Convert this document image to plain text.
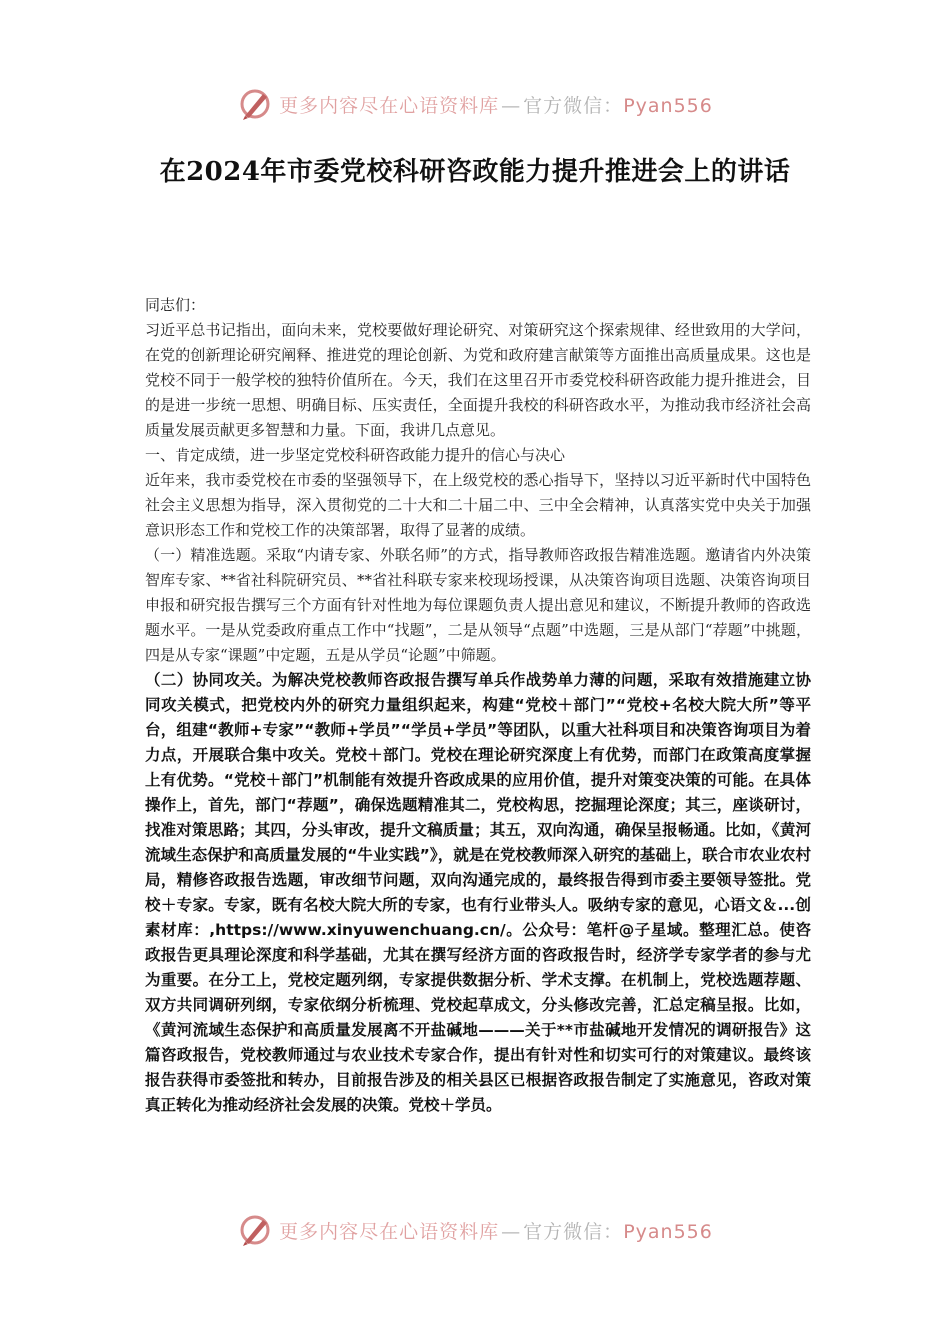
更多内容尽在心语资料库 — 官方微信：Pyan556
在2024年市委党校科研咨政能力提升推进会上的讲话

同志们：

习近平总书记指出，面向未来，党校要做好理论研究、对策研究这个探索规律、经世致用的大学问，在党的创新理论研究阐释、推进党的理论创新、为党和政府建言献策等方面推出高质量成果。这也是党校不同于一般学校的独特价值所在。今天，我们在这里召开市委党校科研咨政能力提升推进会，目的是进一步统一思想、明确目标、压实责任，全面提升我校的科研咨政水平，为推动我市经济社会高质量发展贡献更多智慧和力量。下面，我讲几点意见。

一、肯定成绩，进一步坚定党校科研咨政能力提升的信心与决心

近年来，我市委党校在市委的坚强领导下，在上级党校的悉心指导下，坚持以习近平新时代中国特色社会主义思想为指导，深入贯彻党的二十大和二十届二中、三中全会精神，认真落实党中央关于加强意识形态工作和党校工作的决策部署，取得了显著的成绩。

（一）精准选题。采取“内请专家、外联名师”的方式，指导教师咨政报告精准选题。邀请省内外决策智库专家、**省社科院研究员、**省社科联专家来校现场授课，从决策咨询项目选题、决策咨询项目申报和研究报告撰写三个方面有针对性地为每位课题负责人提出意见和建议，不断提升教师的咨政选题水平。一是从党委政府重点工作中“找题”，二是从领导“点题”中选题，三是从部门“荐题”中挑题，四是从专家“课题”中定题，五是从学员“论题”中筛题。

（二）协同攻关。为解决党校教师咨政报告撰写单兵作战势单力薄的问题，采取有效措施建立协同攻关模式，把党校内外的研究力量组织起来，构建“党校＋部门”“党校+名校大院大所”等平台，组建“教师+专家”“教师+学员”“学员+学员”等团队，以重大社科项目和决策咨询项目为着力点，开展联合集中攻关。党校＋部门。党校在理论研究深度上有优势，而部门在政策高度掌握上有优势。“党校＋部门”机制能有效提升咨政成果的应用价值，提升对策变决策的可能。在具体操作上，首先，部门“荐题”，确保选题精准其二，党校构思，挖掘理论深度；其三，座谈研讨，找准对策思路；其四，分头审改，提升文稿质量；其五，双向沟通，确保呈报畅通。比如，《黄河流域生态保护和高质量发展的“牛业实践”》，就是在党校教师深入研究的基础上，联合市农业农村局，精修咨政报告选题，审改细节问题，双向沟通完成的，最终报告得到市委主要领导签批。党校＋专家。专家，既有名校大院大所的专家，也有行业带头人。吸纳专家的意见，心语文＆...创素材库：,https://www.xinyuwenchuang.cn/。公众号：笔杆@子星域。整理汇总。使咨政报告更具理论深度和科学基础，尤其在撰写经济方面的咨政报告时，经济学专家学者的参与尤为重要。在分工上，党校定题列纲，专家提供数据分析、学术支撑。在机制上，党校选题荐题、双方共同调研列纲，专家依纲分析梳理、党校起草成文，分头修改完善，汇总定稿呈报。比如，《黄河流域生态保护和高质量发展离不开盐碱地———关于**市盐碱地开发情况的调研报告》这篇咨政报告，党校教师通过与农业技术专家合作，提出有针对性和切实可行的对策建议。最终该报告获得市委签批和转办，目前报告涉及的相关县区已根据咨政报告制定了实施意见，咨政对策真正转化为推动经济社会发展的决策。党校＋学员。

更多内容尽在心语资料库 — 官方微信：Pyan556
